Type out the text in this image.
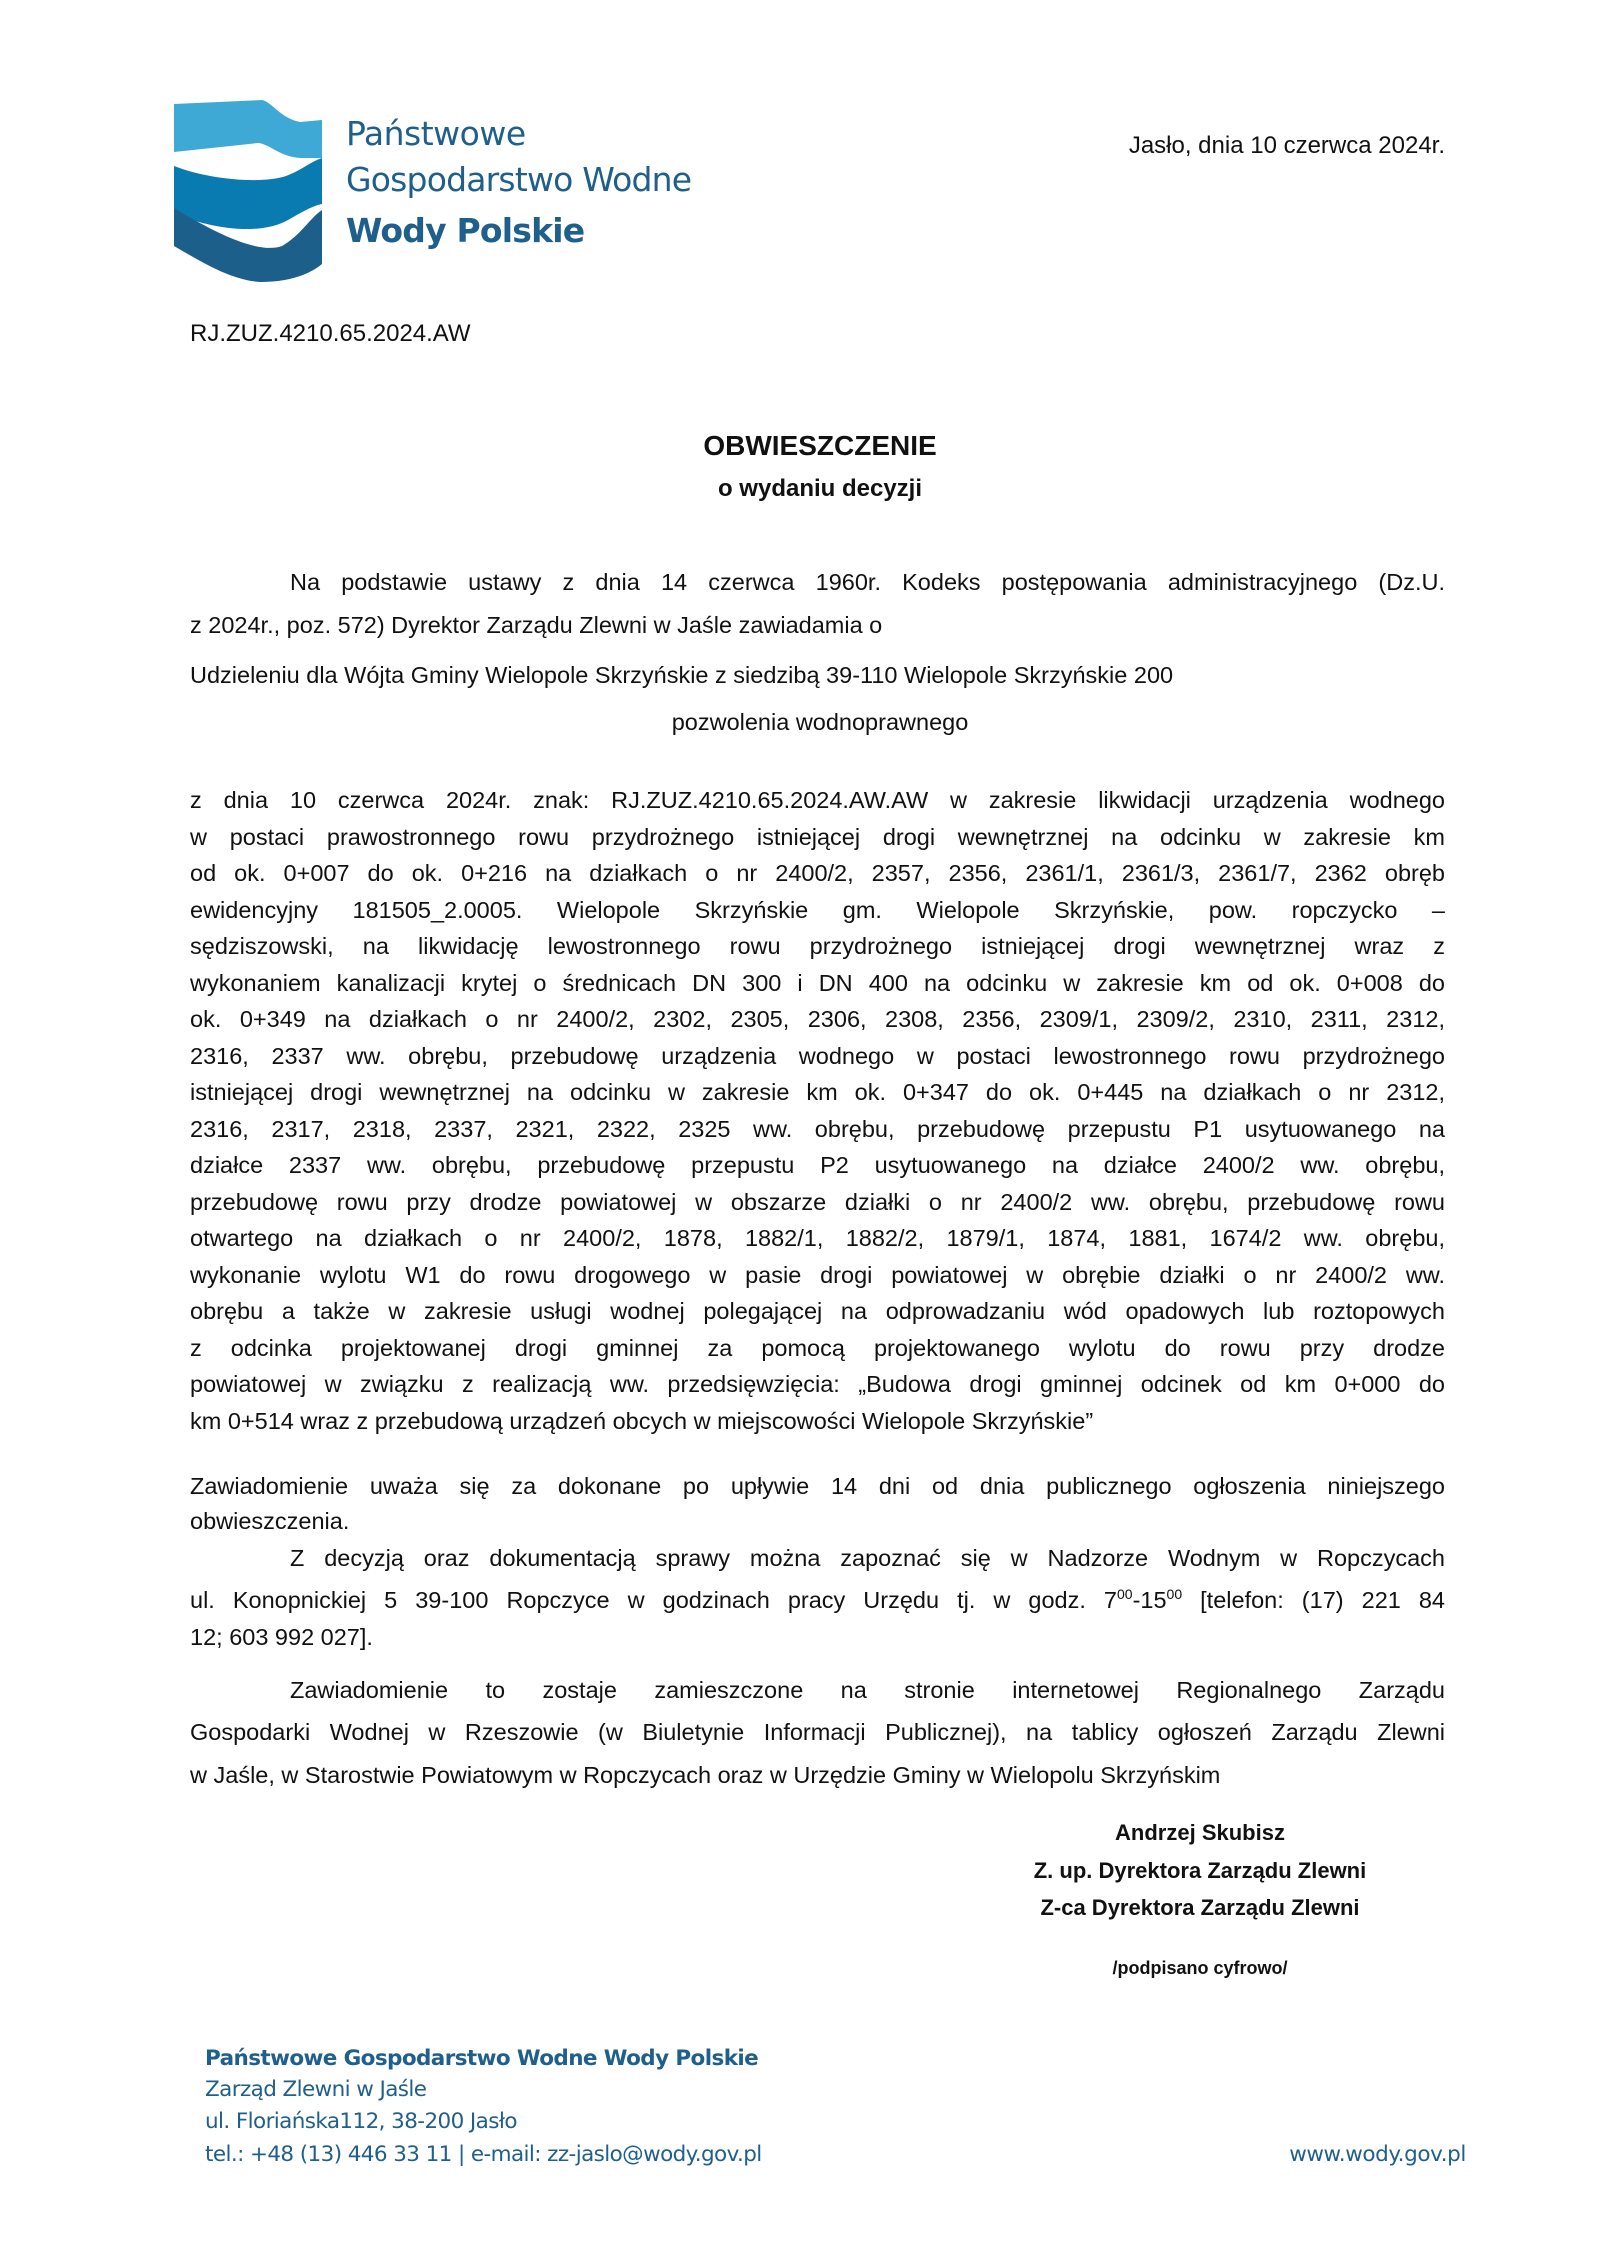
Państwowe
Gospodarstwo Wodne
Wody Polskie
Jasło, dnia 10 czerwca 2024r.
RJ.ZUZ.4210.65.2024.AW
OBWIESZCZENIE
o wydaniu decyzji
Na podstawie ustawy z dnia 14 czerwca 1960r. Kodeks postępowania administracyjnego (Dz.U.
z 2024r., poz. 572) Dyrektor Zarządu Zlewni w Jaśle zawiadamia o
Udzieleniu dla Wójta Gminy Wielopole Skrzyńskie z siedzibą 39-110 Wielopole Skrzyńskie 200
pozwolenia wodnoprawnego
z dnia 10 czerwca 2024r. znak: RJ.ZUZ.4210.65.2024.AW.AW w zakresie likwidacji urządzenia wodnego
w postaci prawostronnego rowu przydrożnego istniejącej drogi wewnętrznej na odcinku w zakresie km
od ok. 0+007 do ok. 0+216 na działkach o nr 2400/2, 2357, 2356, 2361/1, 2361/3, 2361/7, 2362 obręb
ewidencyjny 181505_2.0005. Wielopole Skrzyńskie gm. Wielopole Skrzyńskie, pow. ropczycko –
sędziszowski, na likwidację lewostronnego rowu przydrożnego istniejącej drogi wewnętrznej wraz z
wykonaniem kanalizacji krytej o średnicach DN 300 i DN 400 na odcinku w zakresie km od ok. 0+008 do
ok. 0+349 na działkach o nr 2400/2, 2302, 2305, 2306, 2308, 2356, 2309/1, 2309/2, 2310, 2311, 2312,
2316, 2337 ww. obrębu, przebudowę urządzenia wodnego w postaci lewostronnego rowu przydrożnego
istniejącej drogi wewnętrznej na odcinku w zakresie km ok. 0+347 do ok. 0+445 na działkach o nr 2312,
2316, 2317, 2318, 2337, 2321, 2322, 2325 ww. obrębu, przebudowę przepustu P1 usytuowanego na
działce 2337 ww. obrębu, przebudowę przepustu P2 usytuowanego na działce 2400/2 ww. obrębu,
przebudowę rowu przy drodze powiatowej w obszarze działki o nr 2400/2 ww. obrębu, przebudowę rowu
otwartego na działkach o nr 2400/2, 1878, 1882/1, 1882/2, 1879/1, 1874, 1881, 1674/2 ww. obrębu,
wykonanie wylotu W1 do rowu drogowego w pasie drogi powiatowej w obrębie działki o nr 2400/2 ww.
obrębu a także w zakresie usługi wodnej polegającej na odprowadzaniu wód opadowych lub roztopowych
z odcinka projektowanej drogi gminnej za pomocą projektowanego wylotu do rowu przy drodze
powiatowej w związku z realizacją ww. przedsięwzięcia: „Budowa drogi gminnej odcinek od km 0+000 do
km 0+514 wraz z przebudową urządzeń obcych w miejscowości Wielopole Skrzyńskie”
Zawiadomienie uważa się za dokonane po upływie 14 dni od dnia publicznego ogłoszenia niniejszego
obwieszczenia.
Z decyzją oraz dokumentacją sprawy można zapoznać się w Nadzorze Wodnym w Ropczycach
ul. Konopnickiej 5 39-100 Ropczyce w godzinach pracy Urzędu tj. w godz. $7^{00}-15^{00}$ [telefon: (17) 221 84
12; 603 992 027].
Zawiadomienie to zostaje zamieszczone na stronie internetowej Regionalnego Zarządu
Gospodarki Wodnej w Rzeszowie (w Biuletynie Informacji Publicznej), na tablicy ogłoszeń Zarządu Zlewni
w Jaśle, w Starostwie Powiatowym w Ropczycach oraz w Urzędzie Gminy w Wielopolu Skrzyńskim
Andrzej Skubisz
Z. up. Dyrektora Zarządu Zlewni
Z-ca Dyrektora Zarządu Zlewni
/podpisano cyfrowo/
Państwowe Gospodarstwo Wodne Wody Polskie
Zarząd Zlewni w Jaśle
ul. Floriańska112, 38-200 Jasło
tel.: +48 (13) 446 33 11 | e-mail: zz-jaslo@wody.gov.pl	www.wody.gov.pl
